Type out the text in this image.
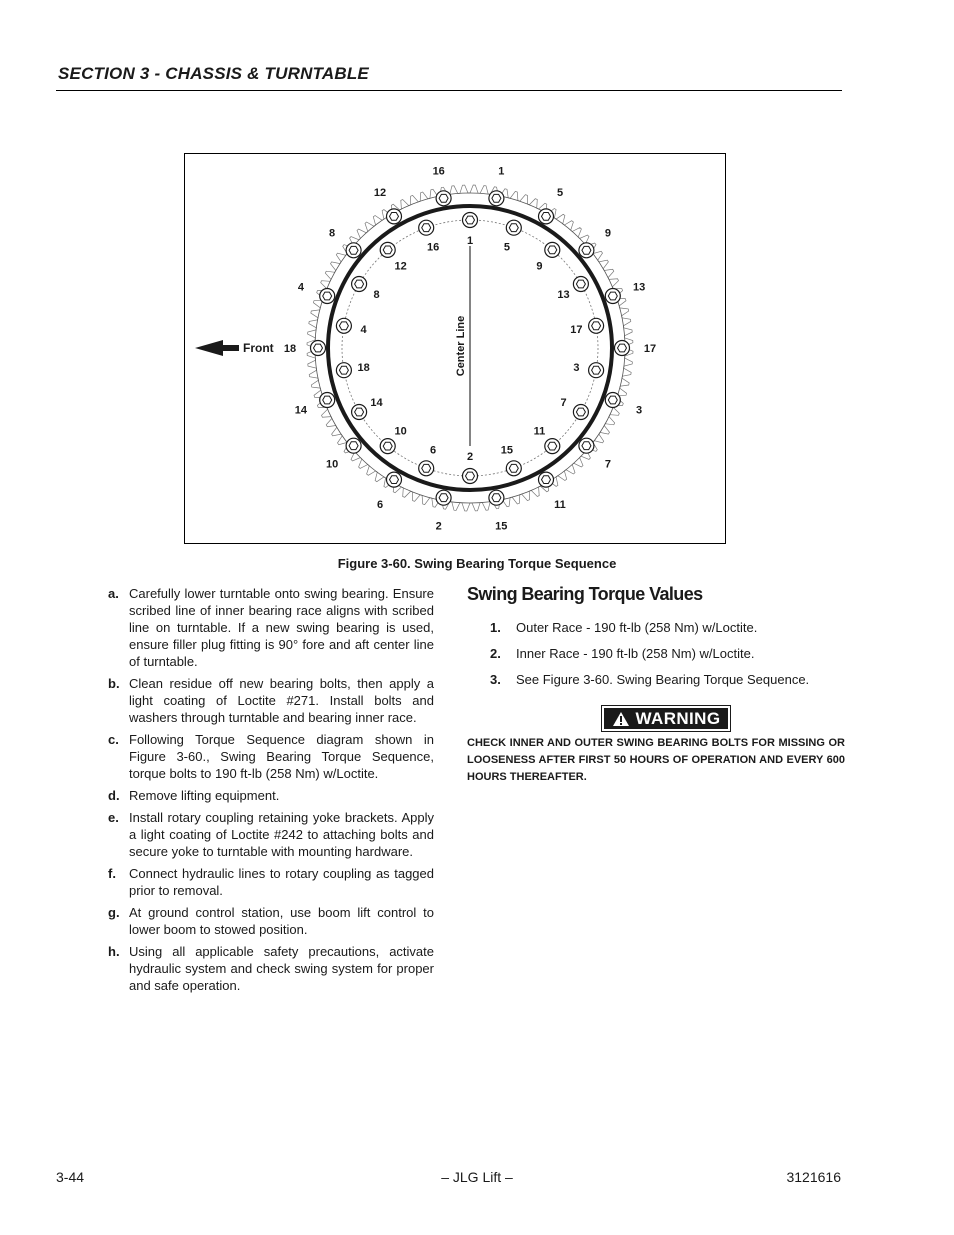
SECTION 3 - CHASSIS & TURNTABLE
Center Line
Front
1
5
9
13
17
3
7
11
15
2
6
10
14
18
4
8
12
16
1
5
9
13
17
3
7
11
15
2
6
10
14
18
4
8
12
16
Figure 3-60. Swing Bearing Torque Sequence
a. Carefully lower turntable onto swing bearing. Ensure scribed line of inner bearing race aligns with scribed line on turntable. If a new swing bearing is used, ensure filler plug fitting is 90° fore and aft center line of turntable.
b. Clean residue off new bearing bolts, then apply a light coating of Loctite #271. Install bolts and washers through turntable and bearing inner race.
c. Following Torque Sequence diagram shown in Figure 3-60., Swing Bearing Torque Sequence, torque bolts to 190 ft-lb (258 Nm) w/Loctite.
d. Remove lifting equipment.
e. Install rotary coupling retaining yoke brackets. Apply a light coating of Loctite #242 to attaching bolts and secure yoke to turntable with mounting hardware.
f. Connect hydraulic lines to rotary coupling as tagged prior to removal.
g. At ground control station, use boom lift control to lower boom to stowed position.
h. Using all applicable safety precautions, activate hydraulic system and check swing system for proper and safe operation.
Swing Bearing Torque Values
1. Outer Race - 190 ft-lb (258 Nm) w/Loctite.
2. Inner Race - 190 ft-lb (258 Nm) w/Loctite.
3. See Figure 3-60. Swing Bearing Torque Sequence.
WARNING
CHECK INNER AND OUTER SWING BEARING BOLTS FOR MISSING OR LOOSENESS AFTER FIRST 50 HOURS OF OPERATION AND EVERY 600 HOURS THEREAFTER.
3-44	– JLG Lift –	3121616
